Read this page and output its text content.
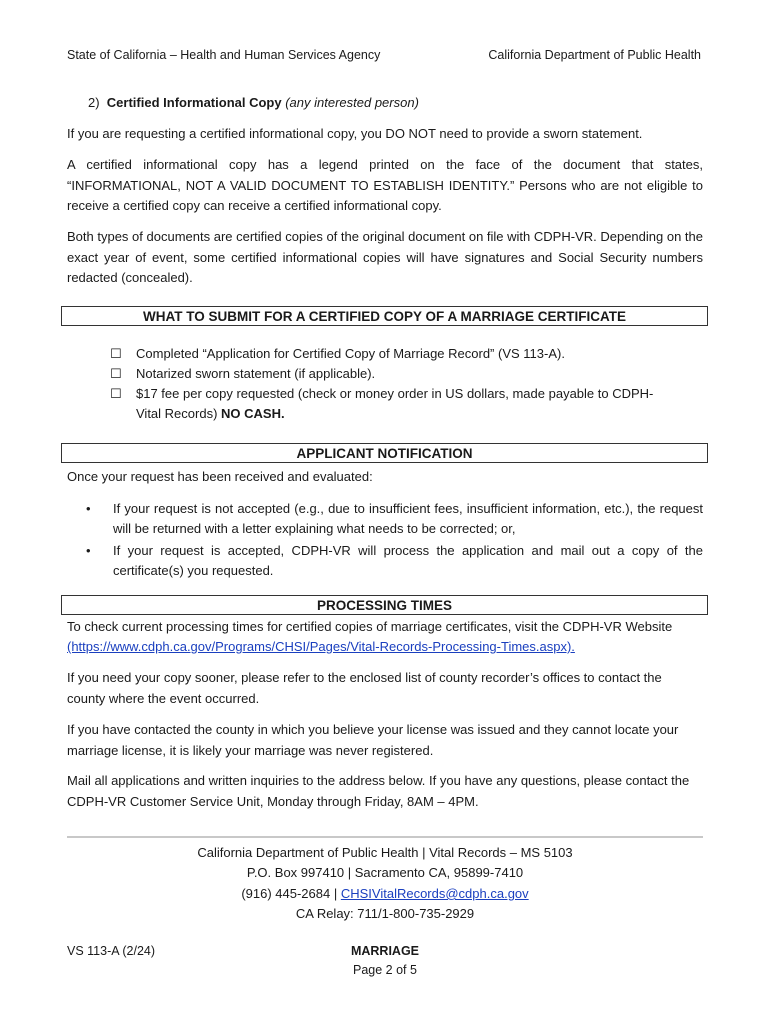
State of California – Health and Human Services Agency	California Department of Public Health
2) Certified Informational Copy (any interested person)
If you are requesting a certified informational copy, you DO NOT need to provide a sworn statement.
A certified informational copy has a legend printed on the face of the document that states, “INFORMATIONAL, NOT A VALID DOCUMENT TO ESTABLISH IDENTITY.” Persons who are not eligible to receive a certified copy can receive a certified informational copy.
Both types of documents are certified copies of the original document on file with CDPH-VR. Depending on the exact year of event, some certified informational copies will have signatures and Social Security numbers redacted (concealed).
WHAT TO SUBMIT FOR A CERTIFIED COPY OF A MARRIAGE CERTIFICATE
☐ Completed “Application for Certified Copy of Marriage Record” (VS 113-A).
☐ Notarized sworn statement (if applicable).
☐ $17 fee per copy requested (check or money order in US dollars, made payable to CDPH-Vital Records) NO CASH.
APPLICANT NOTIFICATION
Once your request has been received and evaluated:
• If your request is not accepted (e.g., due to insufficient fees, insufficient information, etc.), the request will be returned with a letter explaining what needs to be corrected; or,
• If your request is accepted, CDPH-VR will process the application and mail out a copy of the certificate(s) you requested.
PROCESSING TIMES
To check current processing times for certified copies of marriage certificates, visit the CDPH-VR Website
(https://www.cdph.ca.gov/Programs/CHSI/Pages/Vital-Records-Processing-Times.aspx).
If you need your copy sooner, please refer to the enclosed list of county recorder’s offices to contact the county where the event occurred.
If you have contacted the county in which you believe your license was issued and they cannot locate your marriage license, it is likely your marriage was never registered.
Mail all applications and written inquiries to the address below. If you have any questions, please contact the CDPH-VR Customer Service Unit, Monday through Friday, 8AM – 4PM.
California Department of Public Health | Vital Records – MS 5103
P.O. Box 997410 | Sacramento CA, 95899-7410
(916) 445-2684 | CHSIVitalRecords@cdph.ca.gov
CA Relay: 711/1-800-735-2929
VS 113-A (2/24)	MARRIAGE
Page 2 of 5
